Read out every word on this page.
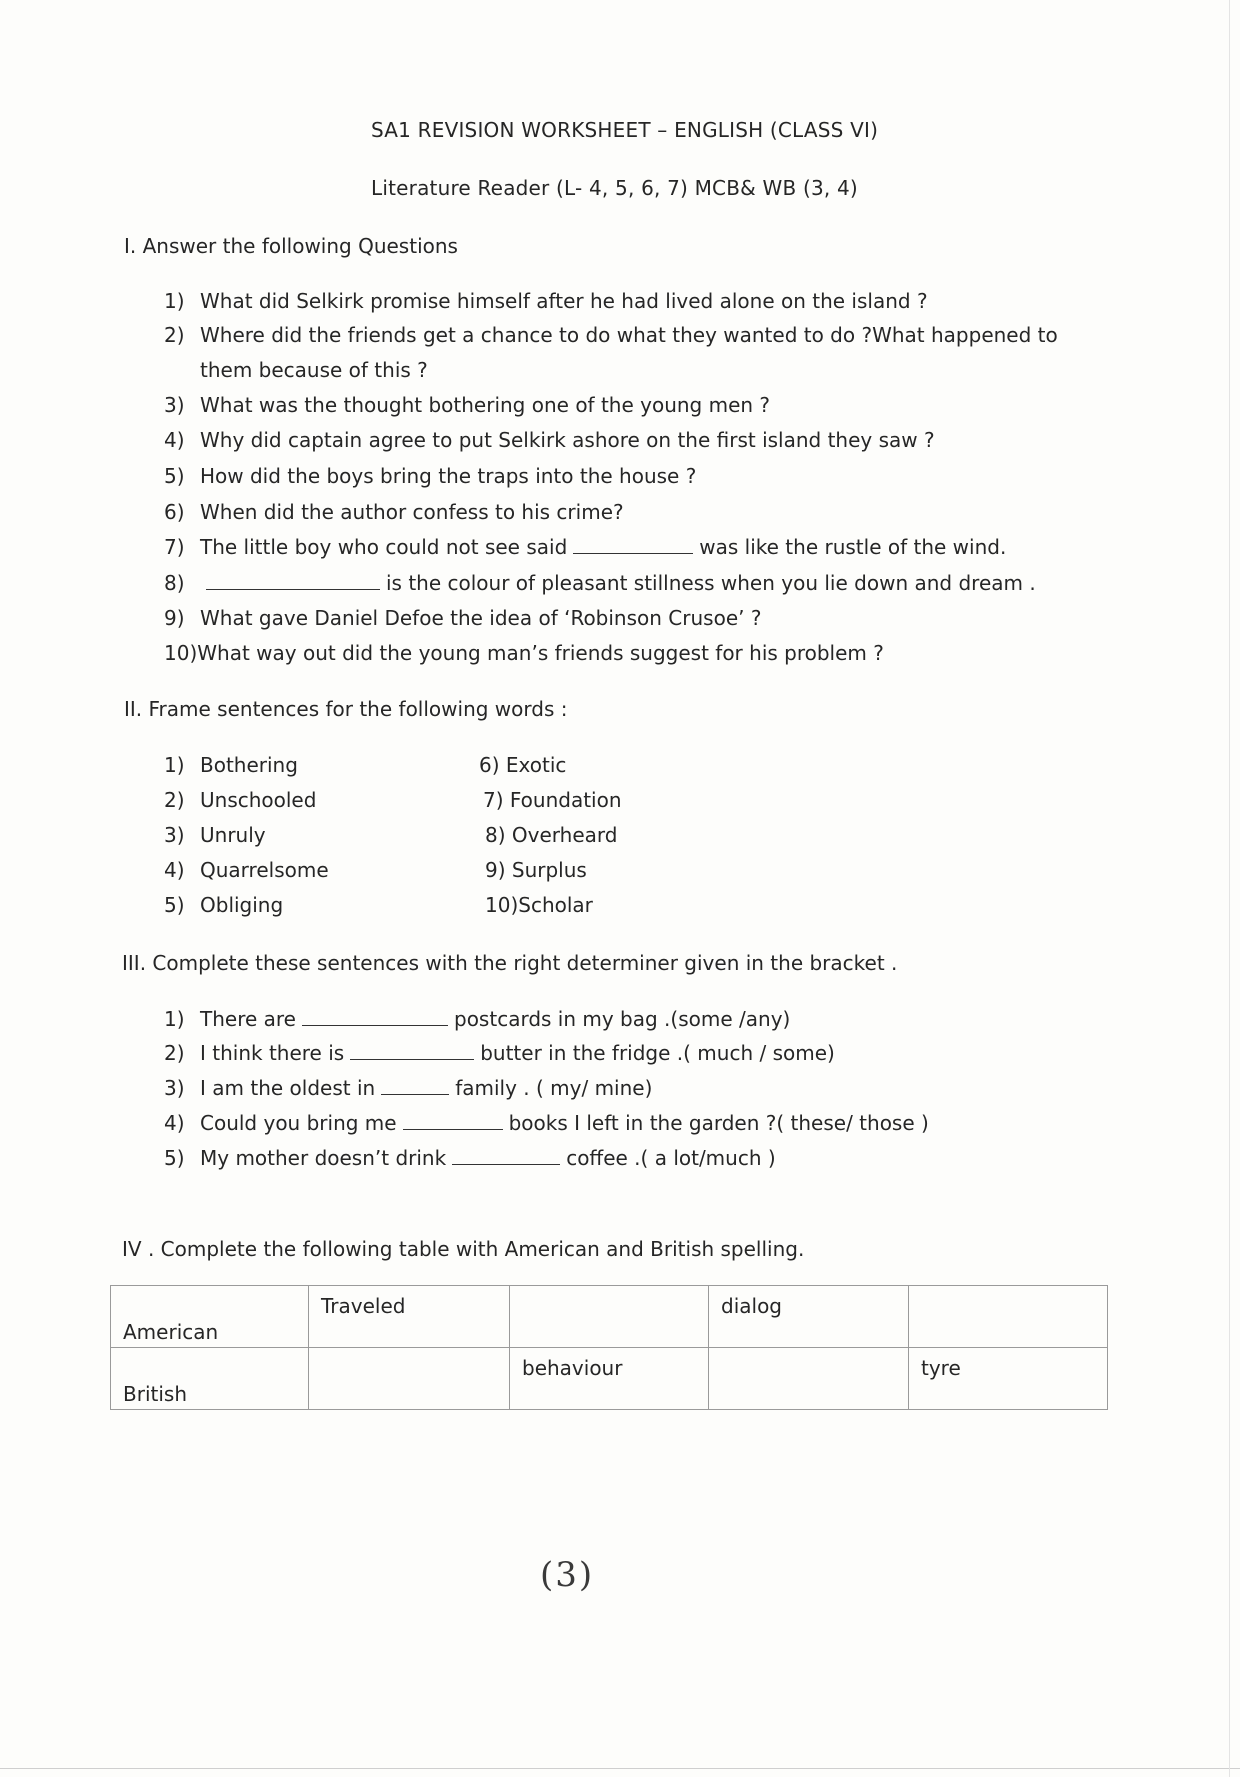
SA1 REVISION WORKSHEET – ENGLISH (CLASS VI)
Literature Reader (L- 4, 5, 6, 7) MCB& WB (3, 4)
I. Answer the following Questions
1) What did Selkirk promise himself after he had lived alone on the island ?
2) Where did the friends get a chance to do what they wanted to do ?What happened to
them because of this ?
3) What was the thought bothering one of the young men ?
4) Why did captain agree to put Selkirk ashore on the first island they saw ?
5) How did the boys bring the traps into the house ?
6) When did the author confess to his crime?
7) The little boy who could not see said	was like the rustle of the wind.
8)	is the colour of pleasant stillness when you lie down and dream .
9) What gave Daniel Defoe the idea of ‘Robinson Crusoe’ ?
10)What way out did the young man’s friends suggest for his problem ?
II. Frame sentences for the following words :
1) Bothering
2) Unschooled
3) Unruly
4) Quarrelsome
5) Obliging
6) Exotic
7) Foundation
8) Overheard
9) Surplus
10)Scholar
III. Complete these sentences with the right determiner given in the bracket .
1) There are	postcards in my bag .(some /any)
2) I think there is	butter in the fridge .( much / some)
3) I am the oldest in	family . ( my/ mine)
4) Could you bring me	books I left in the garden ?( these/ those )
5) My mother doesn’t drink	coffee .( a lot/much )
IV . Complete the following table with American and British spelling.
American	Traveled		dialog	

British		behaviour		tyre
(3)
